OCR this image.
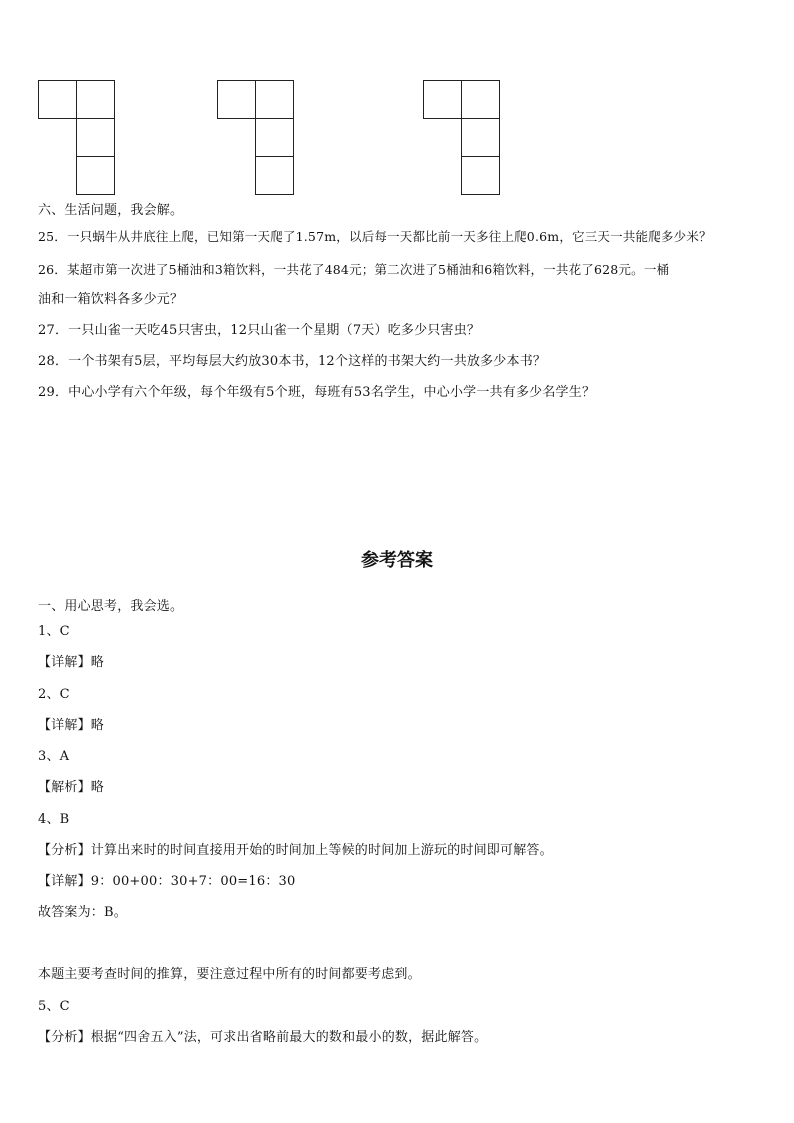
六、生活问题，我会解。
25．一只蜗牛从井底往上爬，已知第一天爬了1.57m，以后每一天都比前一天多往上爬0.6m，它三天一共能爬多少米？
26．某超市第一次进了5桶油和3箱饮料，一共花了484元；第二次进了5桶油和6箱饮料，一共花了628元。一桶
油和一箱饮料各多少元？
27．一只山雀一天吃45只害虫，12只山雀一个星期（7天）吃多少只害虫？
28．一个书架有5层，平均每层大约放30本书，12个这样的书架大约一共放多少本书？
29．中心小学有六个年级，每个年级有5个班，每班有53名学生，中心小学一共有多少名学生？
参考答案
一、用心思考，我会选。
1、C
【详解】略
2、C
【详解】略
3、A
【解析】略
4、B
【分析】计算出来时的时间直接用开始的时间加上等候的时间加上游玩的时间即可解答。
【详解】9：00+00：30+7：00=16：30
故答案为：B。
本题主要考查时间的推算，要注意过程中所有的时间都要考虑到。
5、C
【分析】根据“四舍五入”法，可求出省略前最大的数和最小的数，据此解答。
